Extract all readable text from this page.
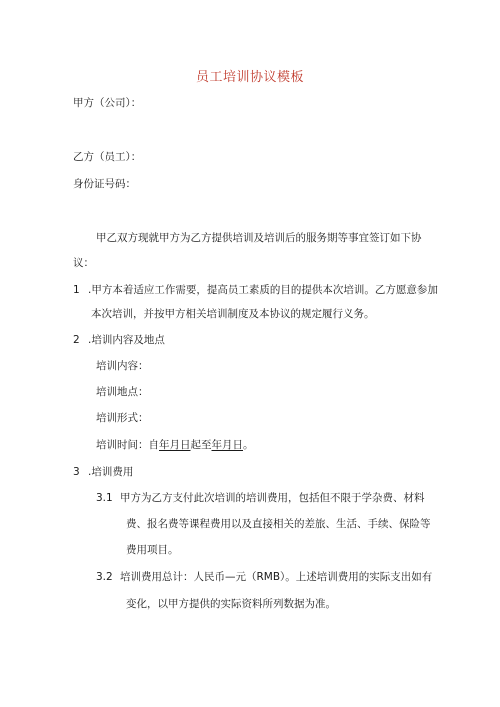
员工培训协议模板
甲方（公司）：
乙方（员工）：
身份证号码：
甲乙双方现就甲方为乙方提供培训及培训后的服务期等事宜签订如下协
议：
1 .甲方本着适应工作需要，提高员工素质的目的提供本次培训。乙方愿意参加
本次培训，并按甲方相关培训制度及本协议的规定履行义务。
2 .培训内容及地点
培训内容：
培训地点：
培训形式：
培训时间：自年月日起至年月日。
3 .培训费用
3.1 甲方为乙方支付此次培训的培训费用，包括但不限于学杂费、材料
费、报名费等课程费用以及直接相关的差旅、生活、手续、保险等
费用项目。
3.2 培训费用总计：人民币—元（RMB）。上述培训费用的实际支出如有
变化，以甲方提供的实际资料所列数据为准。
